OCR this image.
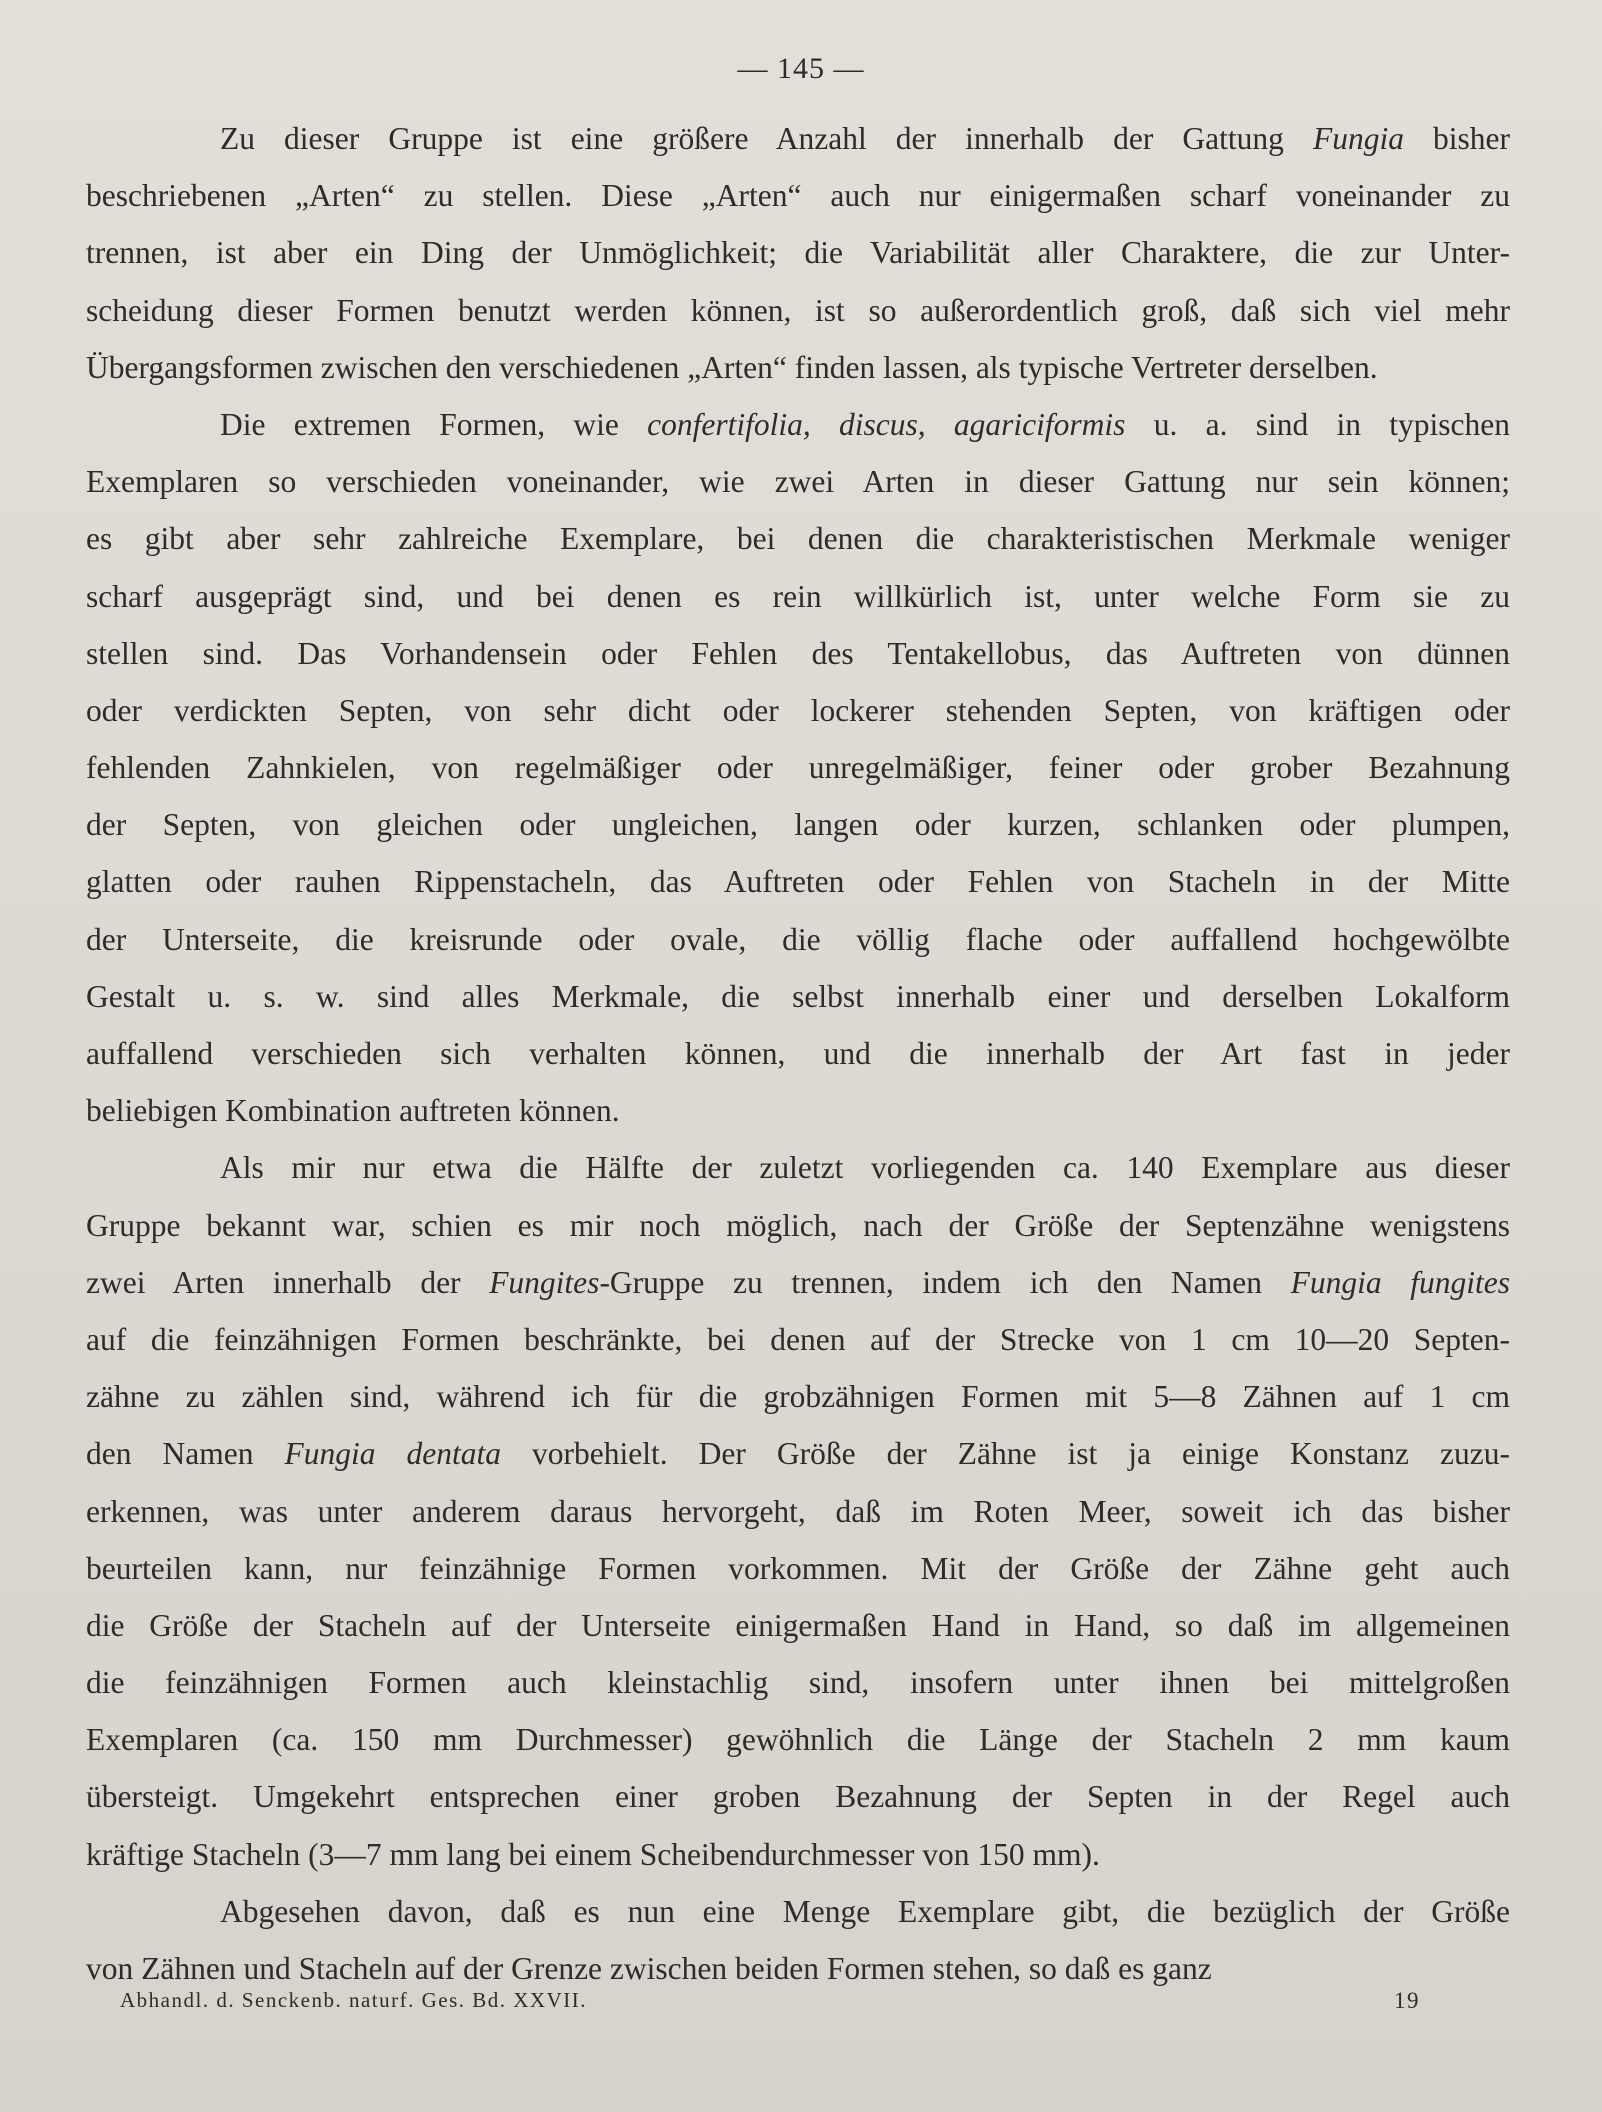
— 145 —
Zu dieser Gruppe ist eine größere Anzahl der innerhalb der Gattung Fungia bisher
beschriebenen „Arten“ zu stellen. Diese „Arten“ auch nur einigermaßen scharf voneinander zu
trennen, ist aber ein Ding der Unmöglichkeit; die Variabilität aller Charaktere, die zur Unter-
scheidung dieser Formen benutzt werden können, ist so außerordentlich groß, daß sich viel mehr
Übergangsformen zwischen den verschiedenen „Arten“ finden lassen, als typische Vertreter derselben.
Die extremen Formen, wie confertifolia, discus, agariciformis u. a. sind in typischen
Exemplaren so verschieden voneinander, wie zwei Arten in dieser Gattung nur sein können;
es gibt aber sehr zahlreiche Exemplare, bei denen die charakteristischen Merkmale weniger
scharf ausgeprägt sind, und bei denen es rein willkürlich ist, unter welche Form sie zu
stellen sind. Das Vorhandensein oder Fehlen des Tentakellobus, das Auftreten von dünnen
oder verdickten Septen, von sehr dicht oder lockerer stehenden Septen, von kräftigen oder
fehlenden Zahnkielen, von regelmäßiger oder unregelmäßiger, feiner oder grober Bezahnung
der Septen, von gleichen oder ungleichen, langen oder kurzen, schlanken oder plumpen,
glatten oder rauhen Rippenstacheln, das Auftreten oder Fehlen von Stacheln in der Mitte
der Unterseite, die kreisrunde oder ovale, die völlig flache oder auffallend hochgewölbte
Gestalt u. s. w. sind alles Merkmale, die selbst innerhalb einer und derselben Lokalform
auffallend verschieden sich verhalten können, und die innerhalb der Art fast in jeder
beliebigen Kombination auftreten können.
Als mir nur etwa die Hälfte der zuletzt vorliegenden ca. 140 Exemplare aus dieser
Gruppe bekannt war, schien es mir noch möglich, nach der Größe der Septenzähne wenigstens
zwei Arten innerhalb der Fungites-Gruppe zu trennen, indem ich den Namen Fungia fungites
auf die feinzähnigen Formen beschränkte, bei denen auf der Strecke von 1 cm 10—20 Septen-
zähne zu zählen sind, während ich für die grobzähnigen Formen mit 5—8 Zähnen auf 1 cm
den Namen Fungia dentata vorbehielt. Der Größe der Zähne ist ja einige Konstanz zuzu-
erkennen, was unter anderem daraus hervorgeht, daß im Roten Meer, soweit ich das bisher
beurteilen kann, nur feinzähnige Formen vorkommen. Mit der Größe der Zähne geht auch
die Größe der Stacheln auf der Unterseite einigermaßen Hand in Hand, so daß im allgemeinen
die feinzähnigen Formen auch kleinstachlig sind, insofern unter ihnen bei mittelgroßen
Exemplaren (ca. 150 mm Durchmesser) gewöhnlich die Länge der Stacheln 2 mm kaum
übersteigt. Umgekehrt entsprechen einer groben Bezahnung der Septen in der Regel auch
kräftige Stacheln (3—7 mm lang bei einem Scheibendurchmesser von 150 mm).
Abgesehen davon, daß es nun eine Menge Exemplare gibt, die bezüglich der Größe
von Zähnen und Stacheln auf der Grenze zwischen beiden Formen stehen, so daß es ganz
Abhandl. d. Senckenb. naturf. Ges. Bd. XXVII.	19
